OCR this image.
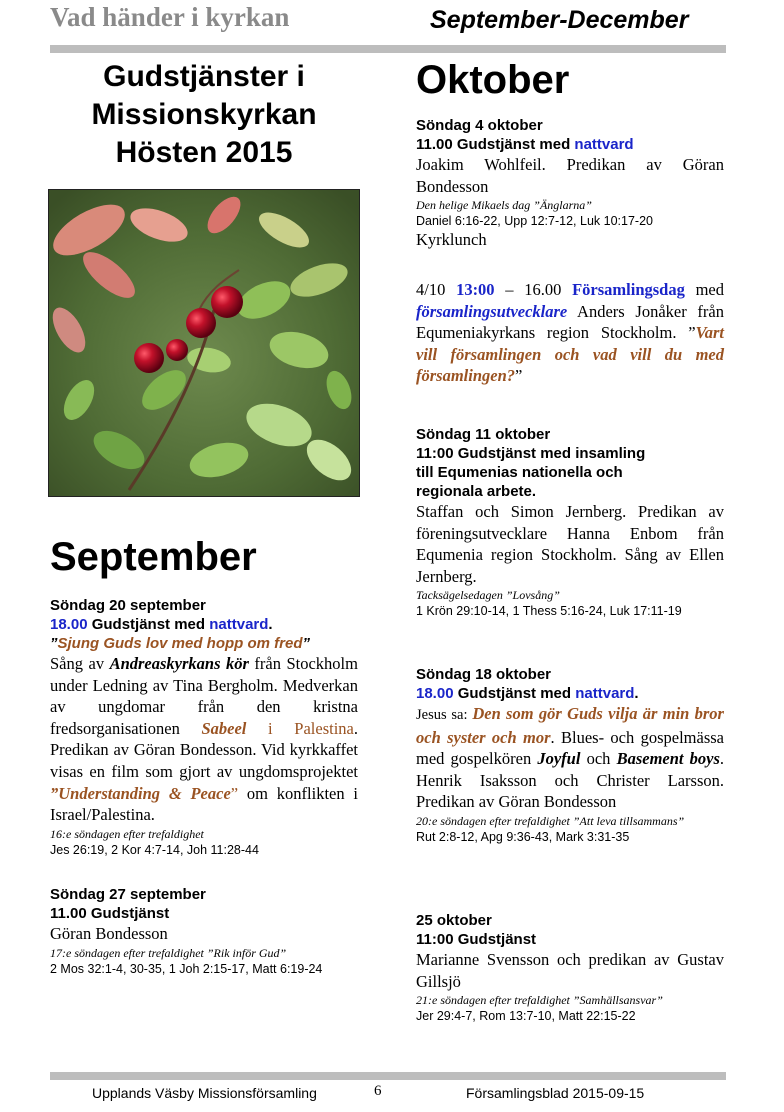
Vad händer i kyrkan	September-December
Gudstjänster i
Missionskyrkan
Hösten 2015
September
Söndag 20 september
18.00 Gudstjänst med nattvard.
”Sjung Guds lov med hopp om fred”
Sång av Andreaskyrkans kör från Stockholm under Ledning av Tina Bergholm. Medverkan av ungdomar från den kristna fredsorganisationen Sabeel i Palestina. Predikan av Göran Bondesson. Vid kyrkkaffet visas en film som gjort av ungdomsprojektet ”Understanding & Peace” om konflikten i Israel/Palestina.
16:e söndagen efter trefaldighet
Jes 26:19, 2 Kor 4:7-14, Joh 11:28-44
Söndag 27 september
11.00 Gudstjänst
Göran Bondesson
17:e söndagen efter trefaldighet ”Rik inför Gud”
2 Mos 32:1-4, 30-35, 1 Joh 2:15-17, Matt 6:19-24
Oktober
Söndag 4 oktober
11.00 Gudstjänst med nattvard
Joakim Wohlfeil. Predikan av Göran Bondesson
Den helige Mikaels dag ”Änglarna”
Daniel 6:16-22, Upp 12:7-12, Luk 10:17-20
Kyrklunch
4/10 13:00 – 16.00 Församlingsdag med församlingsutvecklare Anders Jonåker från Equmeniakyrkans region Stockholm. ”Vart vill församlingen och vad vill du med församlingen?”
Söndag 11 oktober
11:00 Gudstjänst med insamling
till Equmenias nationella och
regionala arbete.
Staffan och Simon Jernberg. Predikan av föreningsutvecklare Hanna Enbom från Equmenia region Stockholm. Sång av Ellen Jernberg.
Tacksägelsedagen ”Lovsång”
1 Krön 29:10-14, 1 Thess 5:16-24, Luk 17:11-19
Söndag 18 oktober
18.00 Gudstjänst med nattvard.
Jesus sa: Den som gör Guds vilja är min bror och syster och mor. Blues- och gospelmässa med gospelkören Joyful och Basement boys. Henrik Isaksson och Christer Larsson. Predikan av Göran Bondesson
20:e söndagen efter trefaldighet ”Att leva tillsammans”
Rut 2:8-12, Apg 9:36-43, Mark 3:31-35
25 oktober
11:00 Gudstjänst
Marianne Svensson och predikan av Gustav Gillsjö
21:e söndagen efter trefaldighet ”Samhällsansvar”
Jer 29:4-7, Rom 13:7-10, Matt 22:15-22
Upplands Väsby Missionsförsamling	6	Församlingsblad 2015-09-15
